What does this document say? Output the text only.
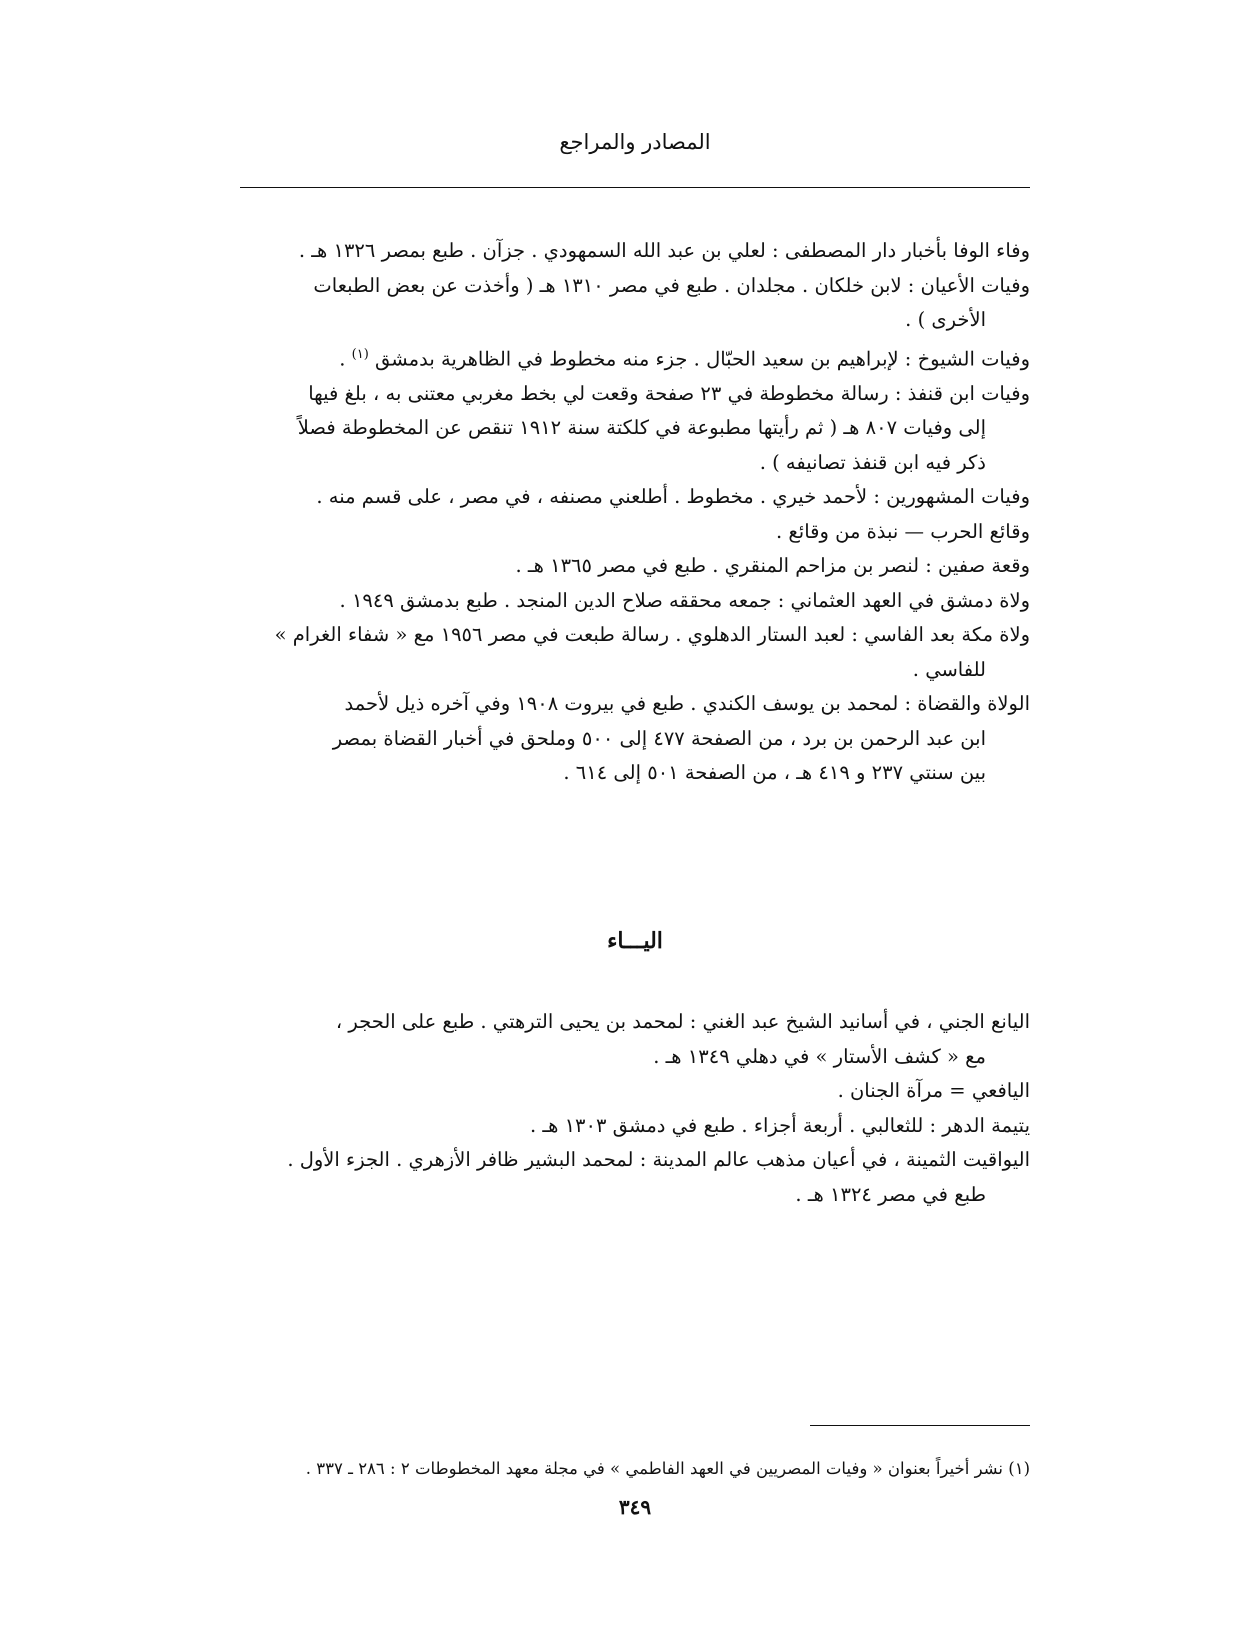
المصادر والمراجع
وفاء الوفا بأخبار دار المصطفى : لعلي بن عبد الله السمهودي . جزآن . طبع بمصر ١٣٢٦ هـ .
وفيات الأعيان : لابن خلكان . مجلدان . طبع في مصر ١٣١٠ هـ ( وأخذت عن بعض الطبعات
الأخرى ) .
وفيات الشيوخ : لإبراهيم بن سعيد الحبّال . جزء منه مخطوط في الظاهرية بدمشق $^{(١)}$ .
وفيات ابن قنفذ : رسالة مخطوطة في ٢٣ صفحة وقعت لي بخط مغربي معتنى به ، بلغ فيها
إلى وفيات ٨٠٧ هـ ( ثم رأيتها مطبوعة في كلكتة سنة ١٩١٢ تنقص عن المخطوطة فصلاً
ذكر فيه ابن قنفذ تصانيفه ) .
وفيات المشهورين : لأحمد خيري . مخطوط . أطلعني مصنفه ، في مصر ، على قسم منه .
وقائع الحرب — نبذة من وقائع .
وقعة صفين : لنصر بن مزاحم المنقري . طبع في مصر ١٣٦٥ هـ .
ولاة دمشق في العهد العثماني : جمعه محققه صلاح الدين المنجد . طبع بدمشق ١٩٤٩ .
ولاة مكة بعد الفاسي : لعبد الستار الدهلوي . رسالة طبعت في مصر ١٩٥٦ مع « شفاء الغرام »
للفاسي .
الولاة والقضاة : لمحمد بن يوسف الكندي . طبع في بيروت ١٩٠٨ وفي آخره ذيل لأحمد
ابن عبد الرحمن بن برد ، من الصفحة ٤٧٧ إلى ٥٠٠ وملحق في أخبار القضاة بمصر
بين سنتي ٢٣٧ و ٤١٩ هـ ، من الصفحة ٥٠١ إلى ٦١٤ .
اليـــاء
اليانع الجني ، في أسانيد الشيخ عبد الغني : لمحمد بن يحيى الترهتي . طبع على الحجر ،
مع « كشف الأستار » في دهلي ١٣٤٩ هـ .
اليافعي = مرآة الجنان .
يتيمة الدهر : للثعالبي . أربعة أجزاء . طبع في دمشق ١٣٠٣ هـ .
اليواقيت الثمينة ، في أعيان مذهب عالم المدينة : لمحمد البشير ظافر الأزهري . الجزء الأول .
طبع في مصر ١٣٢٤ هـ .
(١) نشر أخيراً بعنوان « وفيات المصريين في العهد الفاطمي » في مجلة معهد المخطوطات ٢ : ٢٨٦ ـ ٣٣٧ .
٣٤٩
